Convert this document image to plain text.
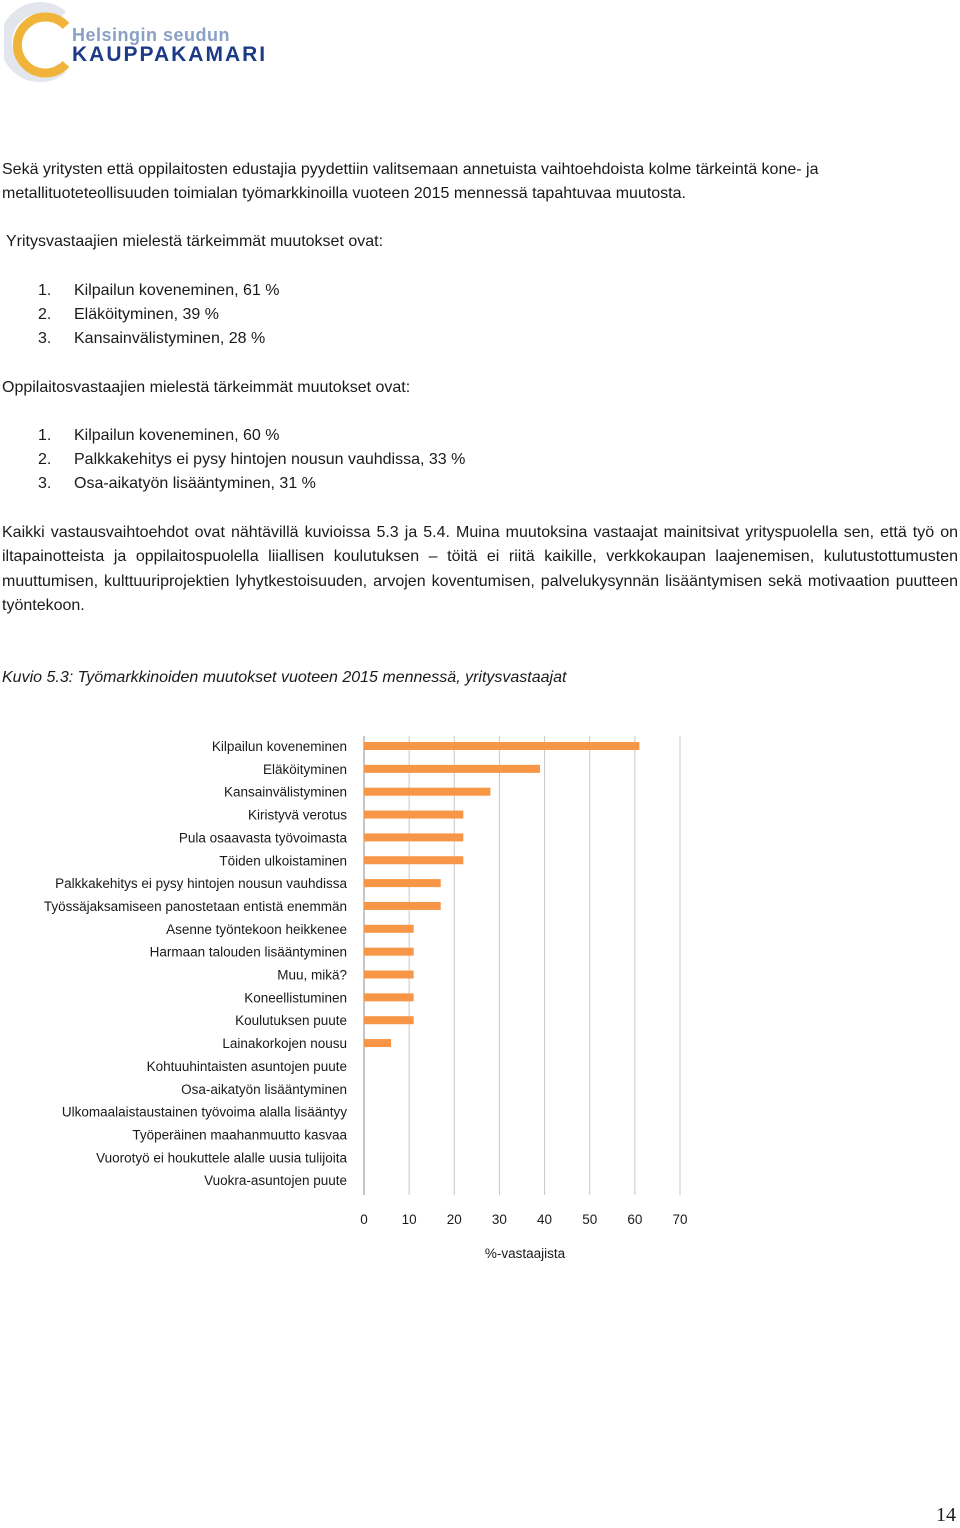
Helsingin seudun
KAUPPAKAMARI
Sekä yritysten että oppilaitosten edustajia pyydettiin valitsemaan annetuista vaihtoehdoista kolme tärkeintä kone- ja
metallituoteteollisuuden toimialan työmarkkinoilla vuoteen 2015 mennessä tapahtuvaa muutosta.
Yritysvastaajien mielestä tärkeimmät muutokset ovat:
1. Kilpailun koveneminen, 61 %
2. Eläköityminen, 39 %
3. Kansainvälistyminen, 28 %
Oppilaitosvastaajien mielestä tärkeimmät muutokset ovat:
1. Kilpailun koveneminen, 60 %
2. Palkkakehitys ei pysy hintojen nousun vauhdissa, 33 %
3. Osa-aikatyön lisääntyminen, 31 %
Kaikki vastausvaihtoehdot ovat nähtävillä kuvioissa 5.3 ja 5.4. Muina muutoksina vastaajat mainitsivat yrityspuolella sen, että työ on iltapainotteista ja oppilaitospuolella liiallisen koulutuksen – töitä ei riitä kaikille, verkkokaupan laajenemisen, kulutustottumusten muuttumisen, kulttuuriprojektien lyhytkestoisuuden, arvojen koventumisen, palvelukysynnän lisääntymisen sekä motivaation puutteen työntekoon.
Kuvio 5.3: Työmarkkinoiden muutokset vuoteen 2015 mennessä, yritysvastaajat
Kilpailun koveneminen
Eläköityminen
Kansainvälistyminen
Kiristyvä verotus
Pula osaavasta työvoimasta
Töiden ulkoistaminen
Palkkakehitys ei pysy hintojen nousun vauhdissa
Työssäjaksamiseen panostetaan entistä enemmän
Asenne työntekoon heikkenee
Harmaan talouden lisääntyminen
Muu, mikä?
Koneellistuminen
Koulutuksen puute
Lainakorkojen nousu
Kohtuuhintaisten asuntojen puute
Osa-aikatyön lisääntyminen
Ulkomaalaistaustainen työvoima alalla lisääntyy
Työperäinen maahanmuutto kasvaa
Vuorotyö ei houkuttele alalle uusia tulijoita
Vuokra-asuntojen puute
0	10 20 30 40 50 60 70
%-vastaajista
14
